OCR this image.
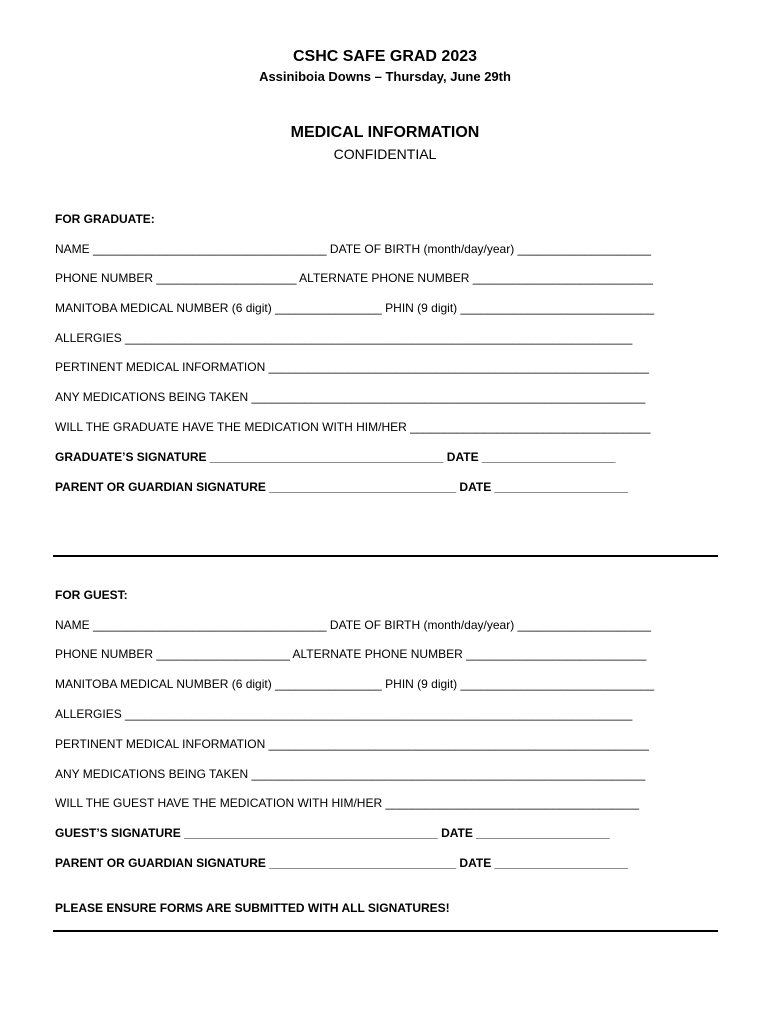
CSHC SAFE GRAD 2023
Assiniboia Downs – Thursday, June 29th
MEDICAL INFORMATION
CONFIDENTIAL
FOR GRADUATE:
NAME ___________________________________ DATE OF BIRTH (month/day/year) ____________________
PHONE NUMBER _____________________ ALTERNATE PHONE NUMBER ___________________________
MANITOBA MEDICAL NUMBER (6 digit) ________________ PHIN (9 digit) _____________________________
ALLERGIES ____________________________________________________________________________
PERTINENT MEDICAL INFORMATION _________________________________________________________
ANY MEDICATIONS BEING TAKEN ___________________________________________________________
WILL THE GRADUATE HAVE THE MEDICATION WITH HIM/HER ____________________________________
GRADUATE’S SIGNATURE ___________________________________ DATE ____________________
PARENT OR GUARDIAN SIGNATURE ____________________________ DATE ____________________
FOR GUEST:
NAME ___________________________________ DATE OF BIRTH (month/day/year) ____________________
PHONE NUMBER ____________________ ALTERNATE PHONE NUMBER ___________________________
MANITOBA MEDICAL NUMBER (6 digit) ________________ PHIN (9 digit) _____________________________
ALLERGIES ____________________________________________________________________________
PERTINENT MEDICAL INFORMATION _________________________________________________________
ANY MEDICATIONS BEING TAKEN ___________________________________________________________
WILL THE GUEST HAVE THE MEDICATION WITH HIM/HER ______________________________________
GUEST’S SIGNATURE ______________________________________ DATE ____________________
PARENT OR GUARDIAN SIGNATURE ____________________________ DATE ____________________
PLEASE ENSURE FORMS ARE SUBMITTED WITH ALL SIGNATURES!
